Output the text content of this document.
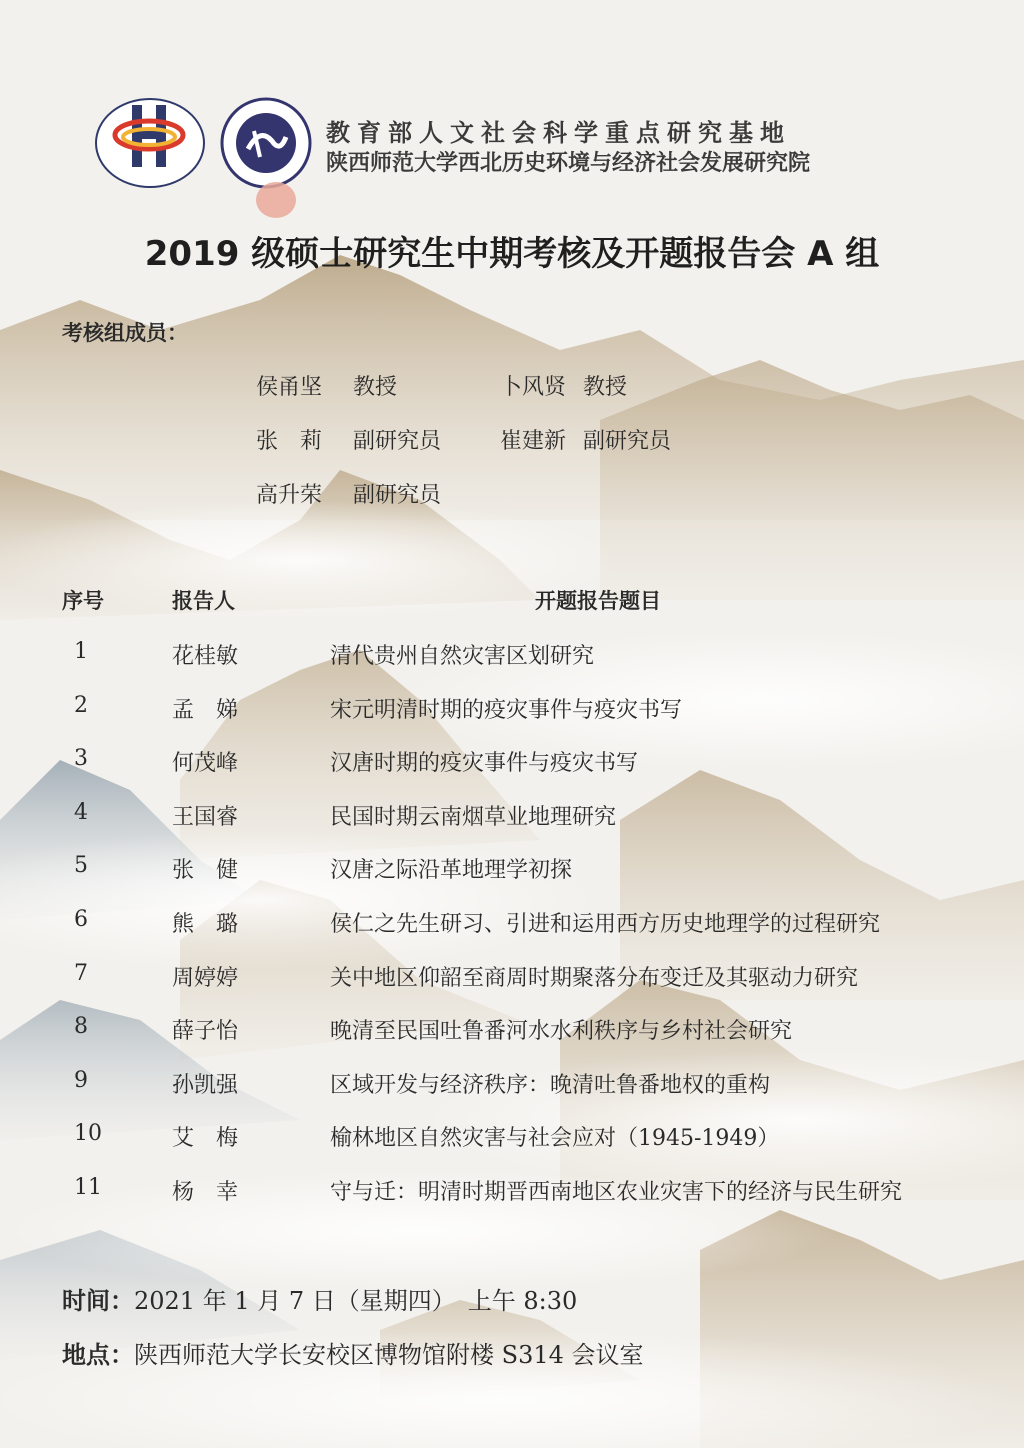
教育部人文社会科学重点研究基地
陕西师范大学西北历史环境与经济社会发展研究院
2019 级硕士研究生中期考核及开题报告会 A 组
考核组成员：
侯甬坚 教授	卜风贤 教授
张　莉 副研究员	崔建新 副研究员
高升荣 副研究员
序号	报告人	开题报告题目
1	花桂敏	清代贵州自然灾害区划研究
2	孟　娣	宋元明清时期的疫灾事件与疫灾书写
3	何茂峰	汉唐时期的疫灾事件与疫灾书写
4	王国睿	民国时期云南烟草业地理研究
5	张　健	汉唐之际沿革地理学初探
6	熊　璐	侯仁之先生研习、引进和运用西方历史地理学的过程研究
7	周婷婷	关中地区仰韶至商周时期聚落分布变迁及其驱动力研究
8	薛子怡	晚清至民国吐鲁番河水水利秩序与乡村社会研究
9	孙凯强	区域开发与经济秩序：晚清吐鲁番地权的重构
10	艾　梅	榆林地区自然灾害与社会应对（1945-1949）
11	杨　幸	守与迁：明清时期晋西南地区农业灾害下的经济与民生研究
时间：2021 年 1 月 7 日（星期四）　上午 8:30
地点：陕西师范大学长安校区博物馆附楼 S314 会议室
